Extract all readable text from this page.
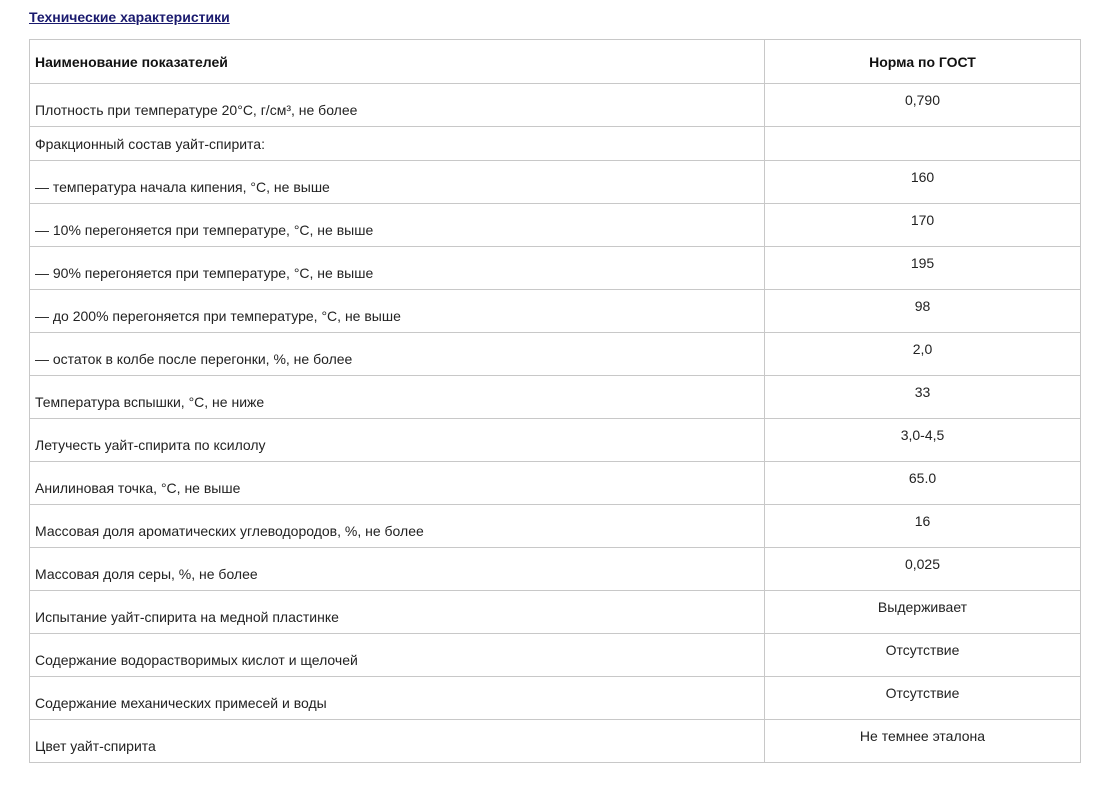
Технические характеристики
Наименование показателей	Норма по ГОСТ
Плотность при температуре 20°С, г/см³, не более	0,790
Фракционный состав уайт-спирита:	
— температура начала кипения, °С, не выше	160
— 10% перегоняется при температуре, °С, не выше	170
— 90% перегоняется при температуре, °С, не выше	195
— до 200% перегоняется при температуре, °С, не выше	98
— остаток в колбе после перегонки, %, не более	2,0
Температура вспышки, °С, не ниже	33
Летучесть уайт-спирита по ксилолу	3,0-4,5
Анилиновая точка, °С, не выше	65.0
Массовая доля ароматических углеводородов, %, не более	16
Массовая доля серы, %, не более	0,025
Испытание уайт-спирита на медной пластинке	Выдерживает
Содержание водорастворимых кислот и щелочей	Отсутствие
Содержание механических примесей и воды	Отсутствие
Цвет уайт-спирита	Не темнее эталона
